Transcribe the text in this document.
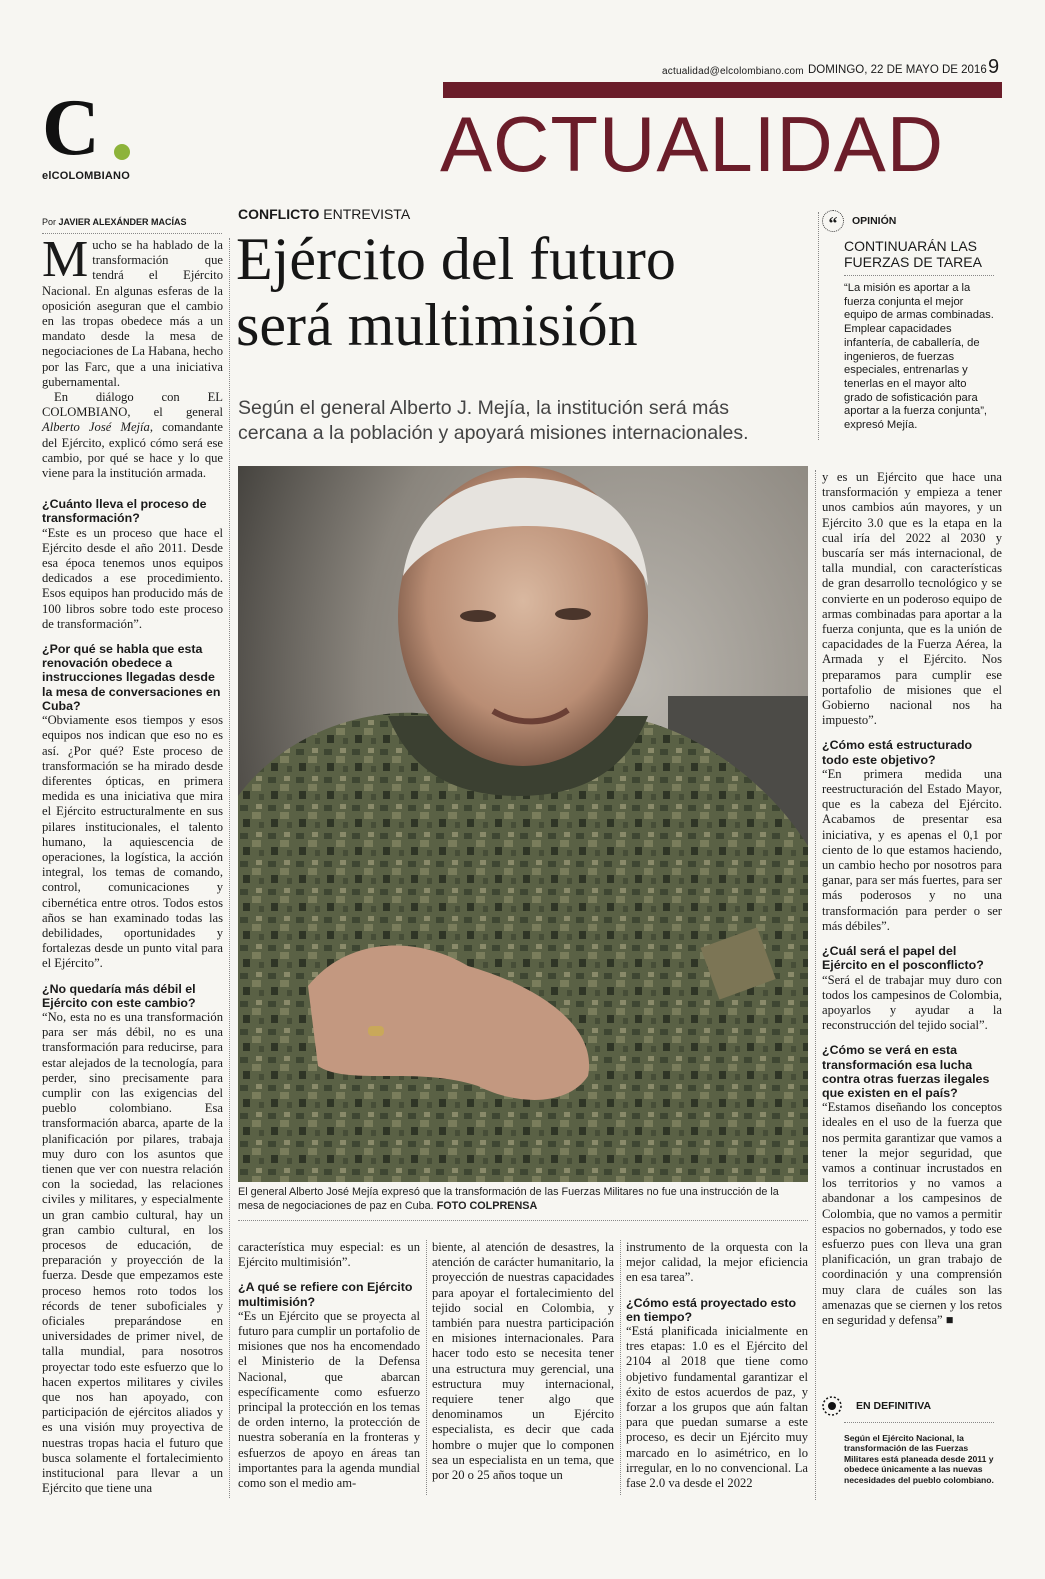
actualidad@elcolombiano.com DOMINGO, 22 DE MAYO DE 2016 9
C
elCOLOMBIANO	ACTUALIDAD
Por JAVIER ALEXÁNDER MACÍAS	CONFLICTO ENTREVISTA
Ejército del futuro
será multimisión
Según el general Alberto J. Mejía, la institución será más
cercana a la población y apoyará misiones internacionales.
“	OPINIÓN
CONTINUARÁN LAS
FUERZAS DE TAREA

“La misión es aportar a la fuerza conjunta el mejor equipo de armas combinadas. Emplear capacidades infantería, de caballería, de ingenieros, de fuerzas especiales, entrenarlas y tenerlas en el mayor alto grado de sofisticación para aportar a la fuerza conjunta”, expresó Mejía.

El general Alberto José Mejía expresó que la transformación de las Fuerzas Militares no fue una instrucción de la mesa de negociaciones de paz en Cuba. FOTO COLPRENSA

M ucho se ha hablado de la transformación que tendrá el Ejército Nacional. En algunas esferas de la oposición aseguran que el cambio en las tropas obedece más a un mandato desde la mesa de negociaciones de La Habana, hecho por las Farc, que a una iniciativa gubernamental.

En diálogo con EL COLOMBIANO, el general Alberto José Mejía, comandante del Ejército, explicó cómo será ese cambio, por qué se hace y lo que viene para la institución armada.

¿Cuánto lleva el proceso de transformación?

“Este es un proceso que hace el Ejército desde el año 2011. Desde esa época tenemos unos equipos dedicados a ese procedimiento. Esos equipos han producido más de 100 libros sobre todo este proceso de transformación”.

¿Por qué se habla que esta renovación obedece a instrucciones llegadas desde la mesa de conversaciones en Cuba?

“Obviamente esos tiempos y esos equipos nos indican que eso no es así. ¿Por qué? Este proceso de transformación se ha mirado desde diferentes ópticas, en primera medida es una iniciativa que mira el Ejército estructuralmente en sus pilares institucionales, el talento humano, la aquiescencia de operaciones, la logística, la acción integral, los temas de comando, control, comunicaciones y cibernética entre otros. Todos estos años se han examinado todas las debilidades, oportunidades y fortalezas desde un punto vital para el Ejército”.

¿No quedaría más débil el Ejército con este cambio?

“No, esta no es una transformación para ser más débil, no es una transformación para reducirse, para estar alejados de la tecnología, para perder, sino precisamente para cumplir con las exigencias del pueblo colombiano. Esa transformación abarca, aparte de la planificación por pilares, trabaja muy duro con los asuntos que tienen que ver con nuestra relación con la sociedad, las relaciones civiles y militares, y especialmente un gran cambio cultural, hay un gran cambio cultural, en los procesos de educación, de preparación y proyección de la fuerza. Desde que empezamos este proceso hemos roto todos los récords de tener suboficiales y oficiales preparándose en universidades de primer nivel, de talla mundial, para nosotros proyectar todo este esfuerzo que lo hacen expertos militares y civiles que nos han apoyado, con participación de ejércitos aliados y es una visión muy proyectiva de nuestras tropas hacia el futuro que busca solamente el fortalecimiento institucional para llevar a un Ejército que tiene una

característica muy especial: es un Ejército multimisión”.

¿A qué se refiere con Ejército multimisión?

“Es un Ejército que se proyecta al futuro para cumplir un portafolio de misiones que nos ha encomendado el Ministerio de la Defensa Nacional, que abarcan específicamente como esfuerzo principal la protección en los temas de orden interno, la protección de nuestra soberanía en la fronteras y esfuerzos de apoyo en áreas tan importantes para la agenda mundial como son el medio am-

biente, al atención de desastres, la atención de carácter humanitario, la proyección de nuestras capacidades para apoyar el fortalecimiento del tejido social en Colombia, y también para nuestra participación en misiones internacionales. Para hacer todo esto se necesita tener una estructura muy gerencial, una estructura muy internacional, requiere tener algo que denominamos un Ejército especialista, es decir que cada hombre o mujer que lo componen sea un especialista en un tema, que por 20 o 25 años toque un

instrumento de la orquesta con la mejor calidad, la mejor eficiencia en esa tarea”.

¿Cómo está proyectado esto en tiempo?

“Está planificada inicialmente en tres etapas: 1.0 es el Ejército del 2104 al 2018 que tiene como objetivo fundamental garantizar el éxito de estos acuerdos de paz, y forzar a los grupos que aún faltan para que puedan sumarse a este proceso, es decir un Ejército muy marcado en lo asimétrico, en lo irregular, en lo no convencional. La fase 2.0 va desde el 2022

y es un Ejército que hace una transformación y empieza a tener unos cambios aún mayores, y un Ejército 3.0 que es la etapa en la cual iría del 2022 al 2030 y buscaría ser más internacional, de talla mundial, con características de gran desarrollo tecnológico y se convierte en un poderoso equipo de armas combinadas para aportar a la fuerza conjunta, que es la unión de capacidades de la Fuerza Aérea, la Armada y el Ejército. Nos preparamos para cumplir ese portafolio de misiones que el Gobierno nacional nos ha impuesto”.

¿Cómo está estructurado todo este objetivo?

“En primera medida una reestructuración del Estado Mayor, que es la cabeza del Ejército. Acabamos de presentar esa iniciativa, y es apenas el 0,1 por ciento de lo que estamos haciendo, un cambio hecho por nosotros para ganar, para ser más fuertes, para ser más poderosos y no una transformación para perder o ser más débiles”.

¿Cuál será el papel del Ejército en el posconflicto?

“Será el de trabajar muy duro con todos los campesinos de Colombia, apoyarlos y ayudar a la reconstrucción del tejido social”.

¿Cómo se verá en esta transformación esa lucha contra otras fuerzas ilegales que existen en el país?

“Estamos diseñando los conceptos ideales en el uso de la fuerza que nos permita garantizar que vamos a tener la mejor seguridad, que vamos a continuar incrustados en los territorios y no vamos a abandonar a los campesinos de Colombia, que no vamos a permitir espacios no gobernados, y todo ese esfuerzo pues con lleva una gran planificación, un gran trabajo de coordinación y una comprensión muy clara de cuáles son las amenazas que se ciernen y los retos en seguridad y defensa” ■

EN DEFINITIVA

Según el Ejército Nacional, la transformación de las Fuerzas Militares está planeada desde 2011 y obedece únicamente a las nuevas necesidades del pueblo colombiano.
